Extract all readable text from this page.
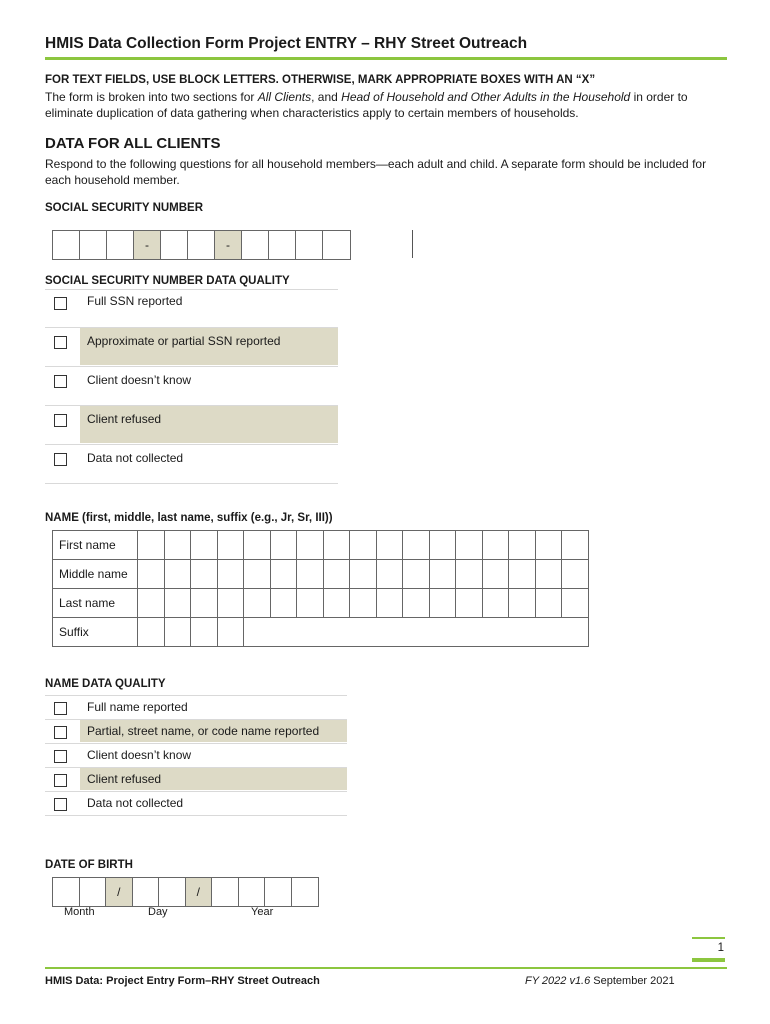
HMIS Data Collection Form Project ENTRY – RHY Street Outreach
FOR TEXT FIELDS, USE BLOCK LETTERS. OTHERWISE, MARK APPROPRIATE BOXES WITH AN “X”
The form is broken into two sections for All Clients, and Head of Household and Other Adults in the Household in order to eliminate duplication of data gathering when characteristics apply to certain members of households.
DATA FOR ALL CLIENTS
Respond to the following questions for all household members—each adult and child. A separate form should be included for each household member.
SOCIAL SECURITY NUMBER
-	-
SOCIAL SECURITY NUMBER DATA QUALITY
Full SSN reported
Approximate or partial SSN reported
Client doesn’t know
Client refused
Data not collected
NAME (first, middle, last name, suffix (e.g., Jr, Sr, III))
First name																	
Middle name																	
Last name																	
Suffix																	
NAME DATA QUALITY
Full name reported
Partial, street name, or code name reported
Client doesn’t know
Client refused
Data not collected
DATE OF BIRTH
/	/
Month	Day	Year
1
HMIS Data: Project Entry Form–RHY Street Outreach	FY 2022 v1.6 September 2021
